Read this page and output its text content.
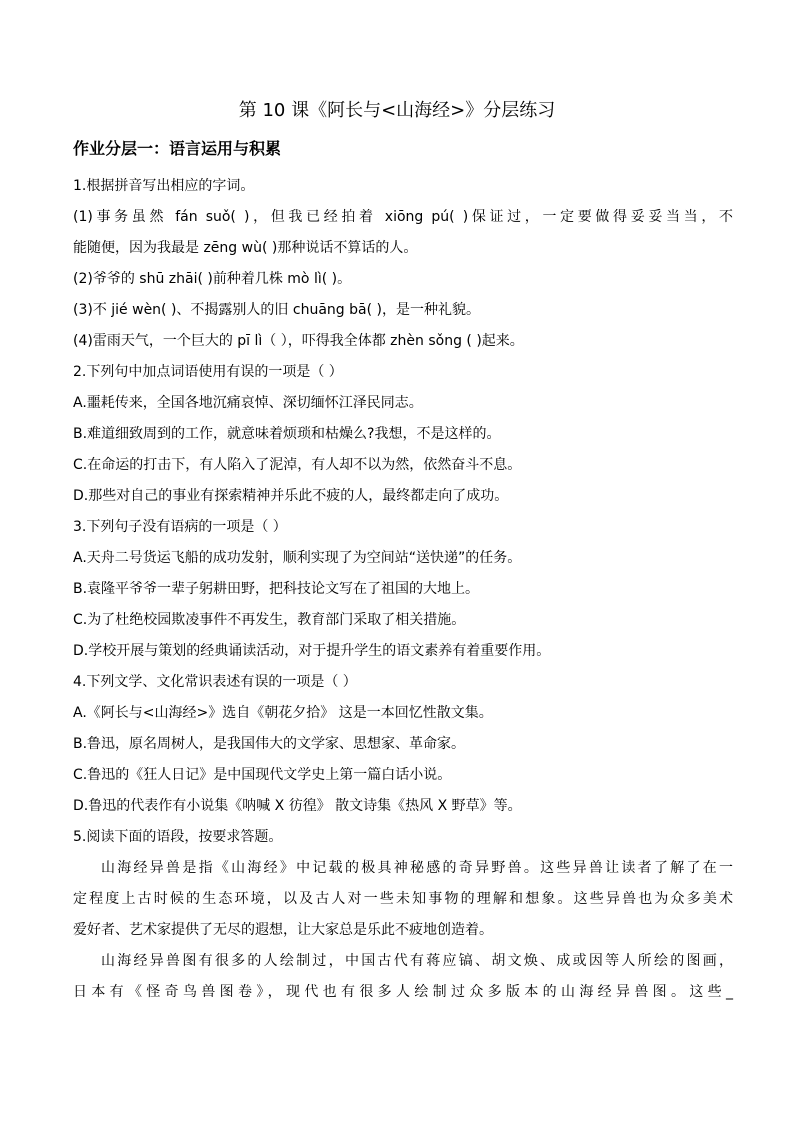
第 10 课《阿长与<山海经>》分层练习
作业分层一：语言运用与积累
1.根据拼音写出相应的字词。
(1)事务虽然 fán suǒ( )，但我已经拍着 xiōng pú( )保证过，一定要做得妥妥当当，不
能随便，因为我最是 zēng wù( )那种说话不算话的人。
(2)爷爷的 shū zhāi( )前种着几株 mò lì( )。
(3)不 jié wèn( )、不揭露别人的旧 chuāng bā( )，是一种礼貌。
(4)雷雨天气，一个巨大的 pī lì（ ），吓得我全体都 zhèn sǒng ( )起来。
2.下列句中加点词语使用有误的一项是（ ）
A.噩耗传来，全国各地沉痛哀悼、深切缅怀江泽民同志。
B.难道细致周到的工作，就意味着烦琐和枯燥么?我想，不是这样的。
C.在命运的打击下，有人陷入了泥淖，有人却不以为然，依然奋斗不息。
D.那些对自己的事业有探索精神并乐此不疲的人，最终都走向了成功。
3.下列句子没有语病的一项是（ ）
A.天舟二号货运飞船的成功发射，顺利实现了为空间站“送快递”的任务。
B.袁隆平爷爷一辈子躬耕田野，把科技论文写在了祖国的大地上。
C.为了杜绝校园欺凌事件不再发生，教育部门采取了相关措施。
D.学校开展与策划的经典诵读活动，对于提升学生的语文素养有着重要作用。
4.下列文学、文化常识表述有误的一项是（ ）
A.《阿长与<山海经>》选自《朝花夕拾》 这是一本回忆性散文集。
B.鲁迅，原名周树人，是我国伟大的文学家、思想家、革命家。
C.鲁迅的《狂人日记》是中国现代文学史上第一篇白话小说。
D.鲁迅的代表作有小说集《呐喊 X 彷徨》 散文诗集《热风 X 野草》等。
5.阅读下面的语段，按要求答题。
山海经异兽是指《山海经》中记载的极具神秘感的奇异野兽。这些异兽让读者了解了在一
定程度上古时候的生态环境，以及古人对一些未知事物的理解和想象。这些异兽也为众多美术
爱好者、艺术家提供了无尽的遐想，让大家总是乐此不疲地创造着。
山海经异兽图有很多的人绘制过，中国古代有蒋应镐、胡文焕、成或因等人所绘的图画，
日本有《怪奇鸟兽图卷》，现代也有很多人绘制过众多版本的山海经异兽图。这些_
